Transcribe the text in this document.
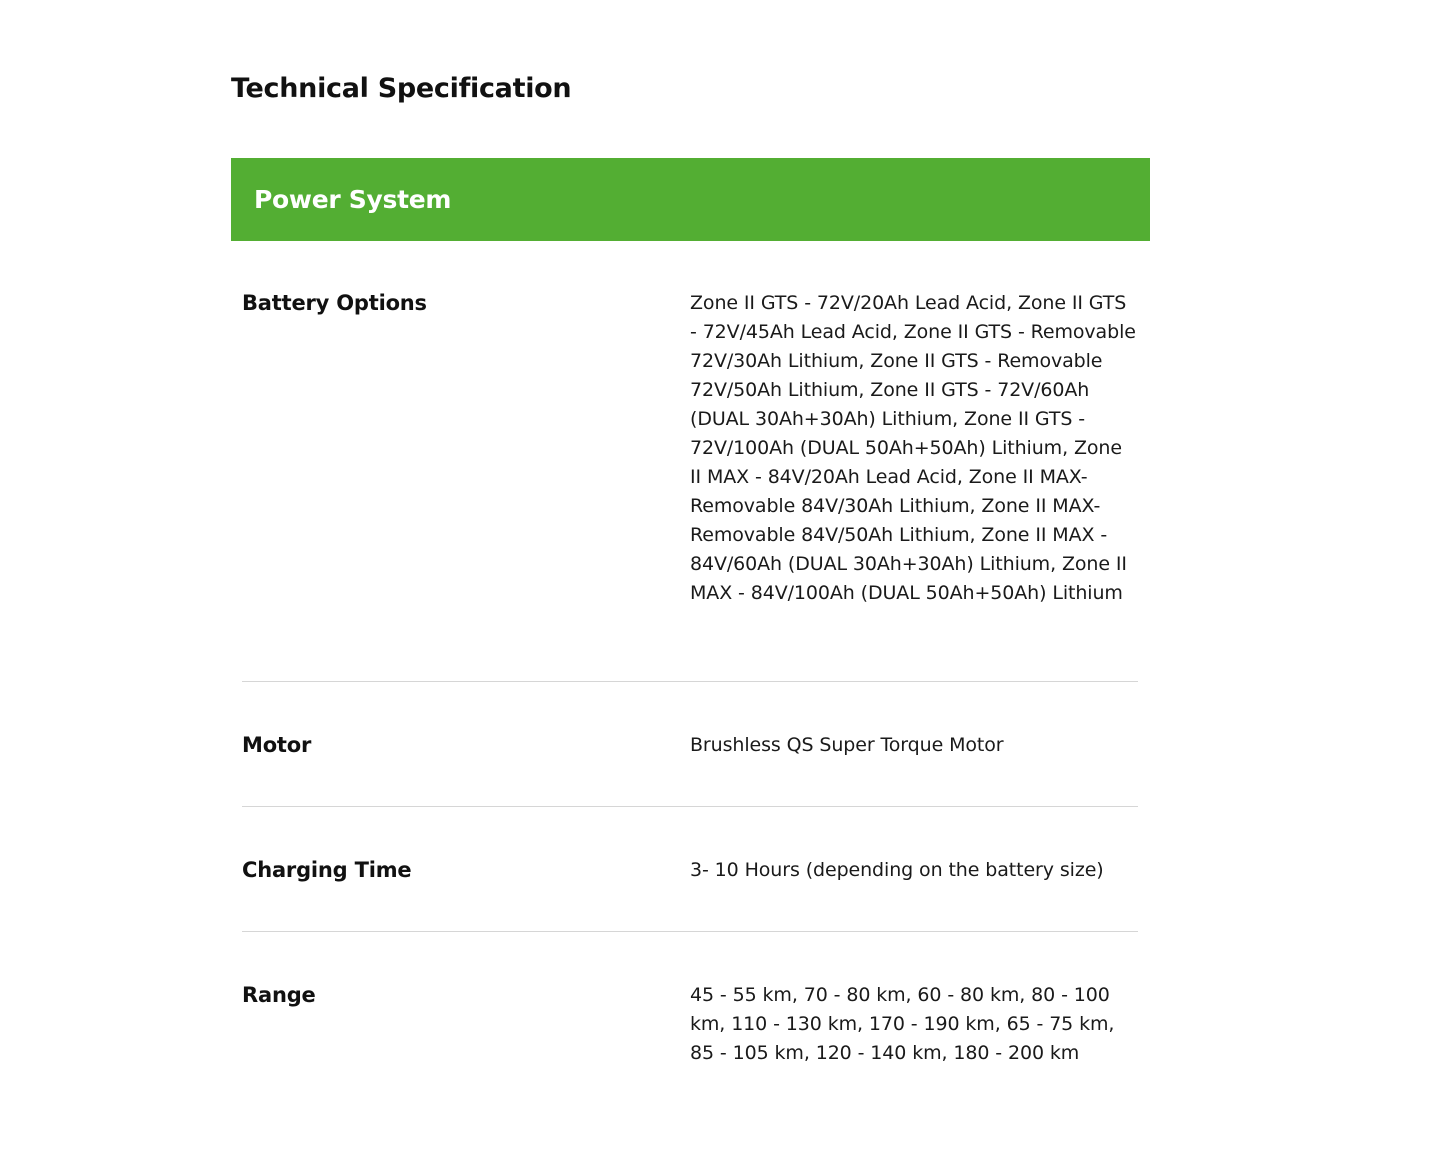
Technical Specification
Power System
Battery Options	Zone II GTS - 72V/20Ah Lead Acid, Zone II GTS - 72V/45Ah Lead Acid, Zone II GTS - Removable 72V/30Ah Lithium, Zone II GTS - Removable 72V/50Ah Lithium, Zone II GTS - 72V/60Ah (DUAL 30Ah+30Ah) Lithium, Zone II GTS - 72V/100Ah (DUAL 50Ah+50Ah) Lithium, Zone II MAX - 84V/20Ah Lead Acid, Zone II MAX- Removable 84V/30Ah Lithium, Zone II MAX- Removable 84V/50Ah Lithium, Zone II MAX - 84V/60Ah (DUAL 30Ah+30Ah) Lithium, Zone II MAX - 84V/100Ah (DUAL 50Ah+50Ah) Lithium
Motor	Brushless QS Super Torque Motor
Charging Time	3- 10 Hours (depending on the battery size)
Range	45 - 55 km, 70 - 80 km, 60 - 80 km, 80 - 100 km, 110 - 130 km, 170 - 190 km, 65 - 75 km, 85 - 105 km, 120 - 140 km, 180 - 200 km
